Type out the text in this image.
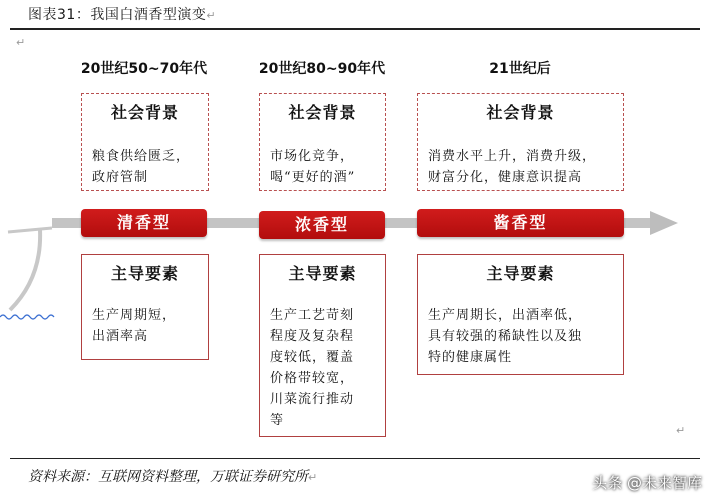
图表31：我国白酒香型演变↵
↵
20世纪50~70年代	20世纪80~90年代	21世纪后
社会背景
粮食供给匮乏，
政府管制
社会背景
市场化竞争，
喝“更好的酒”
社会背景
消费水平上升，消费升级，
财富分化，健康意识提高
清香型	浓香型	酱香型
主导要素
生产周期短，
出酒率高
主导要素
生产工艺苛刻
程度及复杂程
度较低，覆盖
价格带较宽，
川菜流行推动
等
主导要素
生产周期长，出酒率低，
具有较强的稀缺性以及独
特的健康属性
↵
资料来源：互联网资料整理，万联证券研究所↵	头条 @未来智库
